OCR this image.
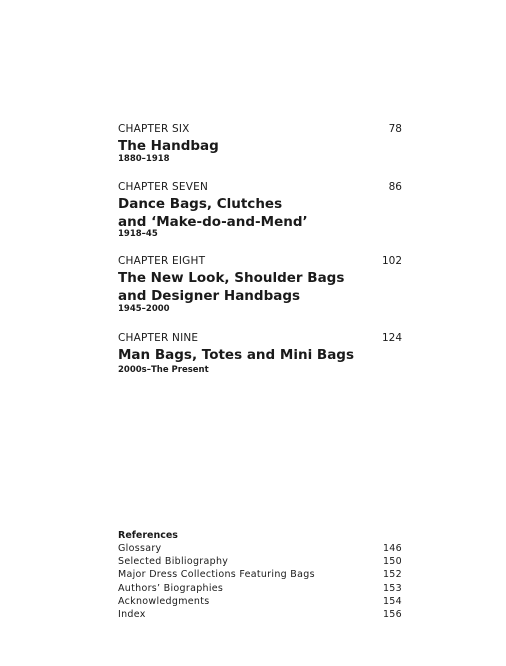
CHAPTER SIX	78
The Handbag
1880–1918
CHAPTER SEVEN	86
Dance Bags, Clutches
and ‘Make-do-and-Mend’
1918–45
CHAPTER EIGHT	102
The New Look, Shoulder Bags
and Designer Handbags
1945–2000
CHAPTER NINE	124
Man Bags, Totes and Mini Bags
2000s–The Present
References
Glossary	146
Selected Bibliography	150
Major Dress Collections Featuring Bags	152
Authors’ Biographies	153
Acknowledgments	154
Index	156
